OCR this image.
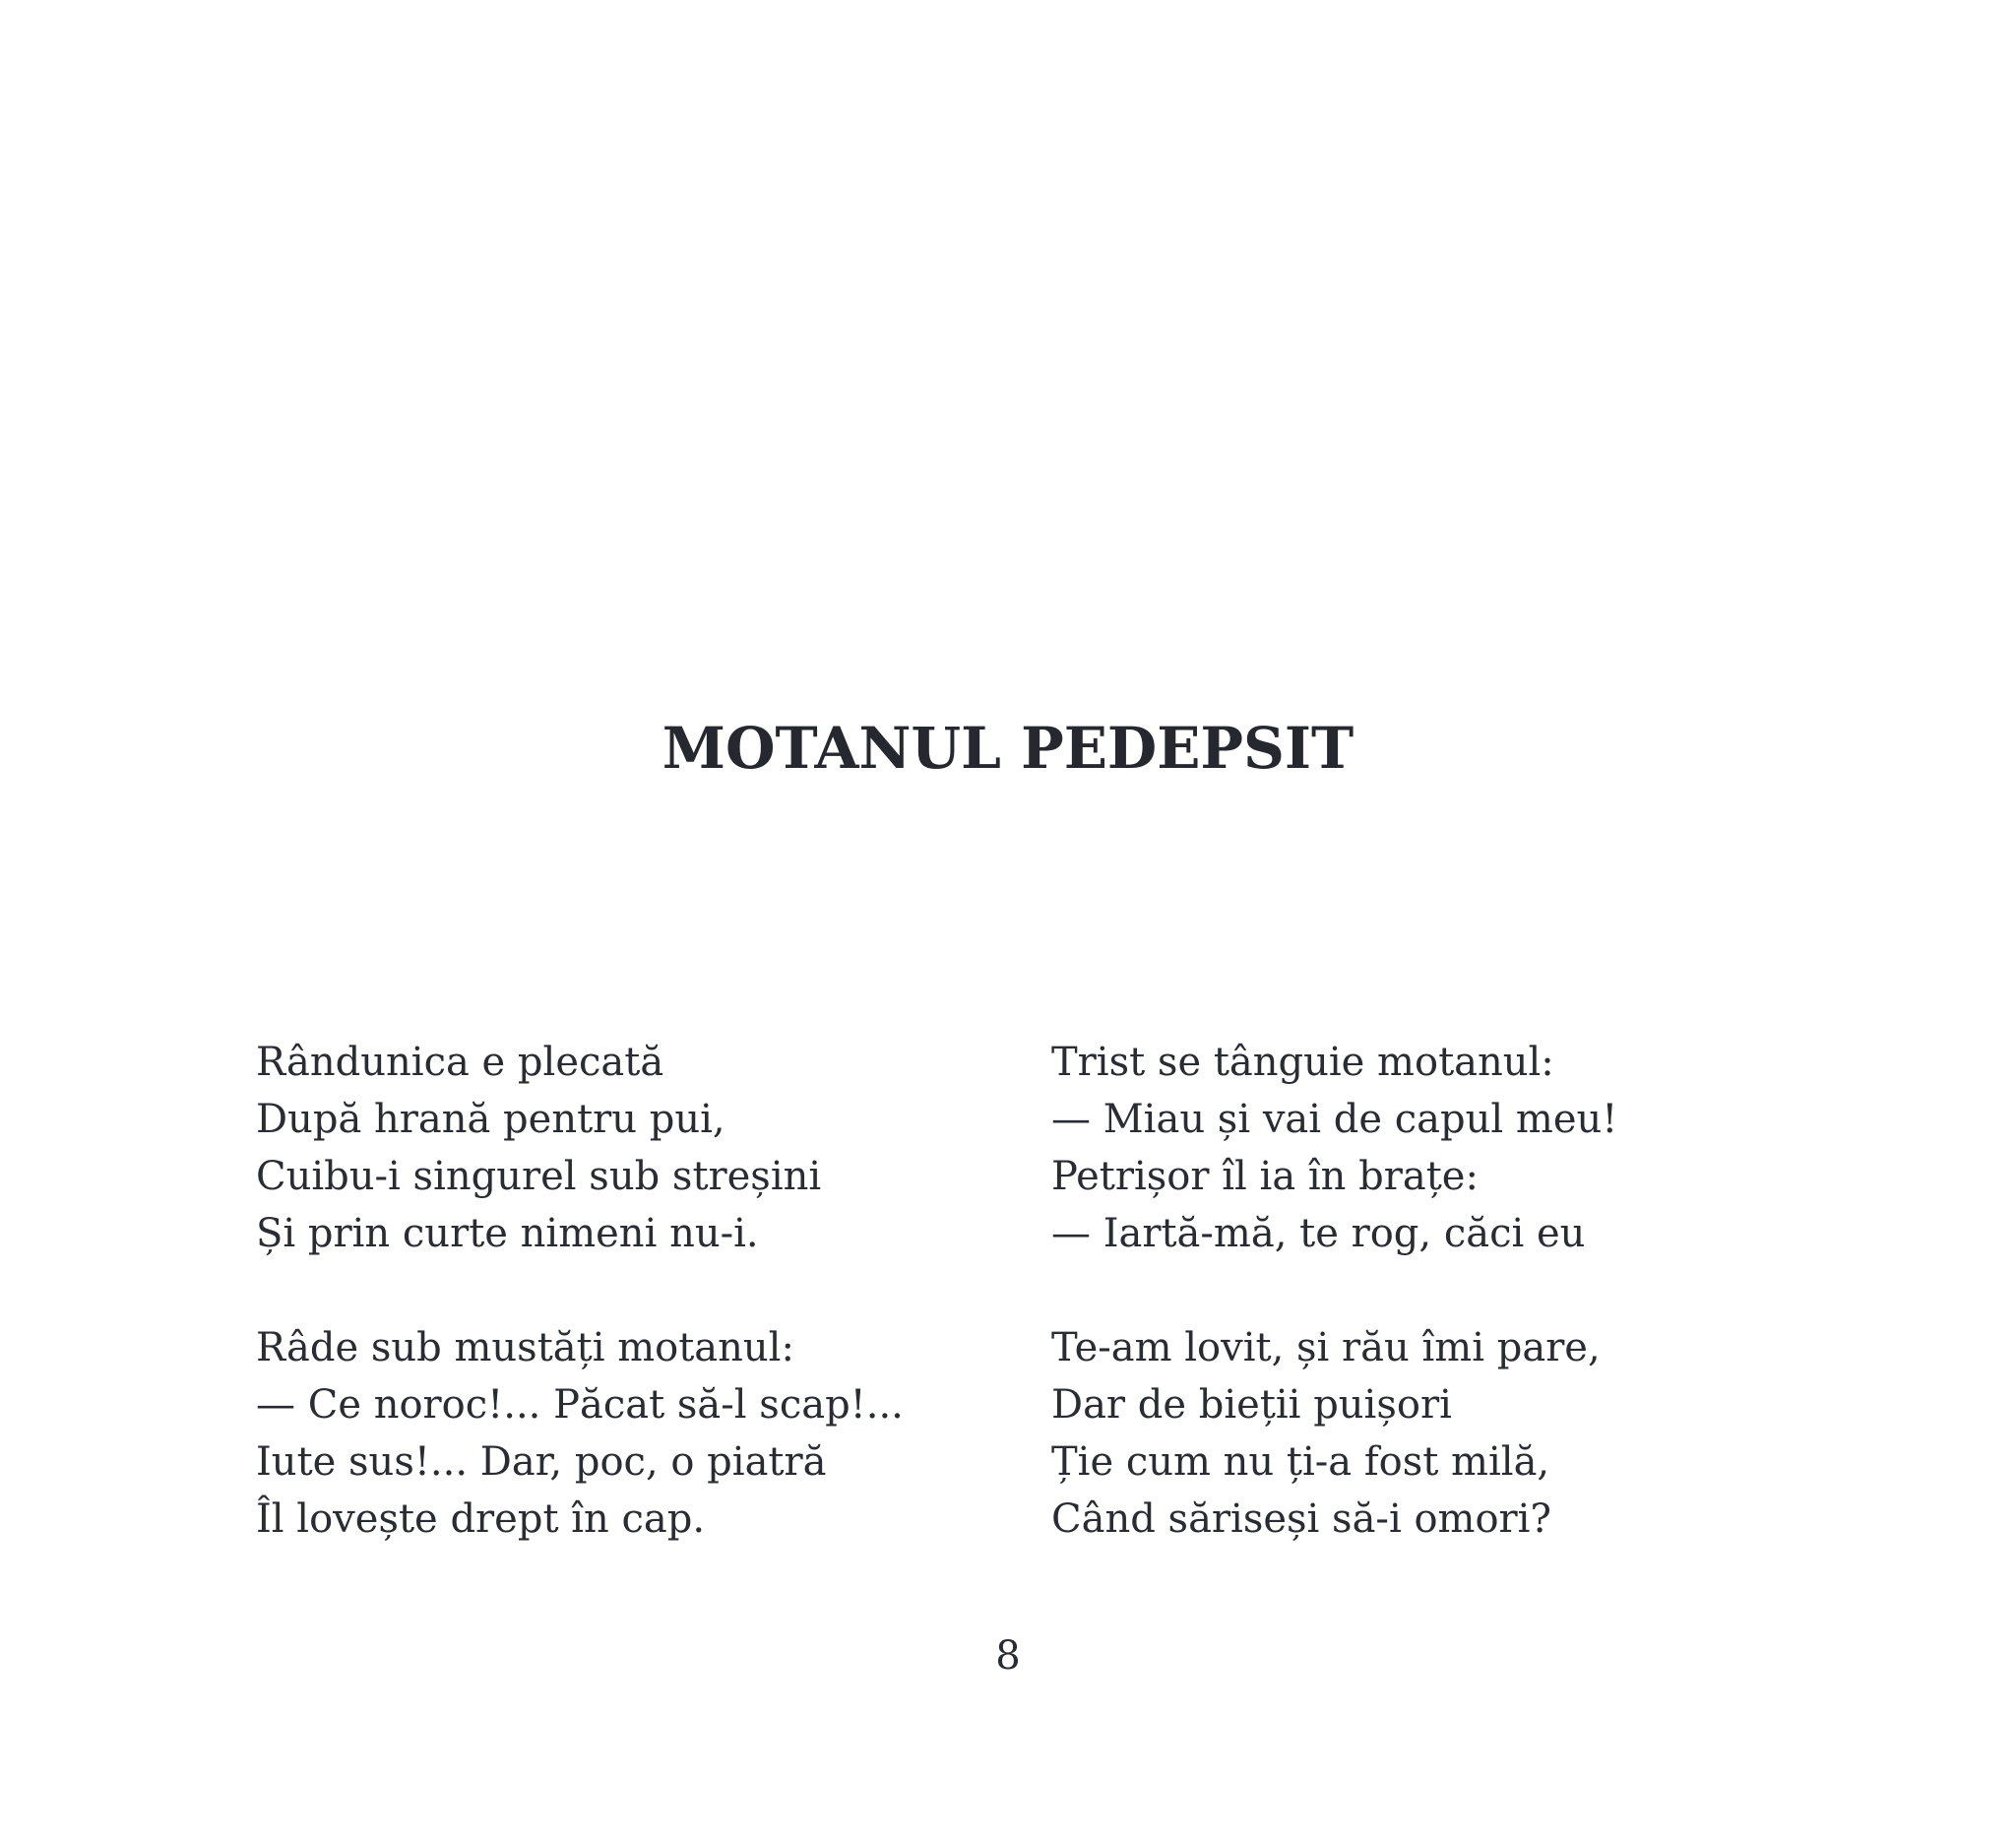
MOTANUL PEDEPSIT
Rândunica e plecată
După hrană pentru pui,
Cuibu-i singurel sub streșini
Și prin curte nimeni nu-i.
Râde sub mustăți motanul:
— Ce noroc!... Păcat să-l scap!...
Iute sus!... Dar, poc, o piatră
Îl lovește drept în cap.
Trist se tânguie motanul:
— Miau și vai de capul meu!
Petrișor îl ia în brațe:
— Iartă-mă, te rog, căci eu
Te-am lovit, și rău îmi pare,
Dar de bieții puișori
Ție cum nu ți-a fost milă,
Când săriseși să-i omori?
8
